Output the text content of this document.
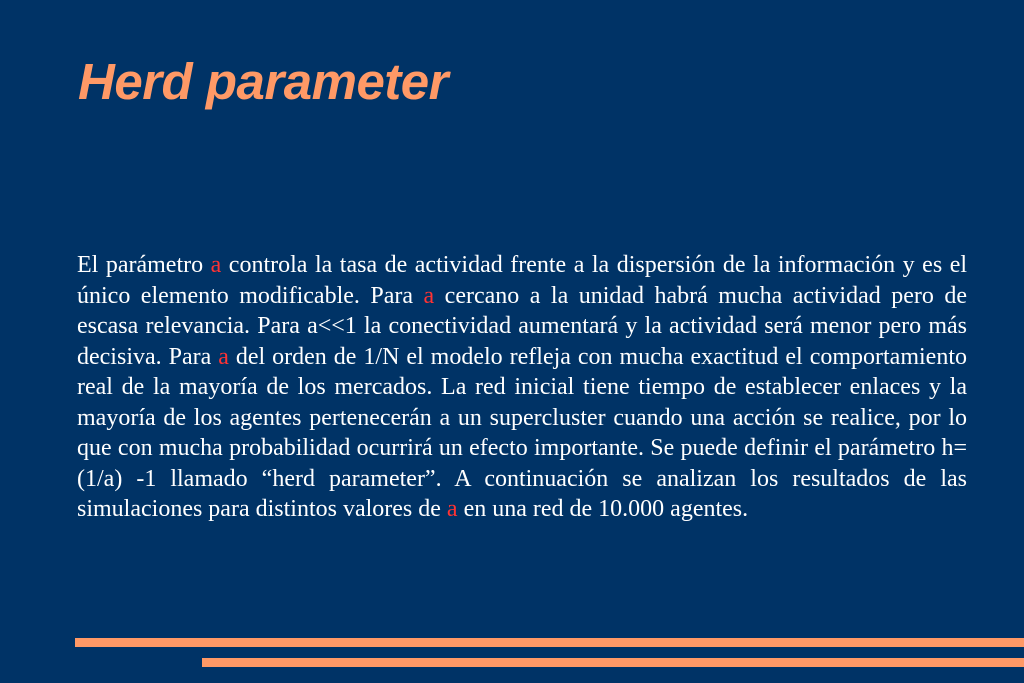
Herd parameter

El parámetro a controla la tasa de actividad frente a la dispersión de la información y es el único elemento modificable. Para a cercano a la unidad habrá mucha actividad pero de escasa relevancia. Para a<<1 la conectividad aumentará y la actividad será menor pero más decisiva. Para a del orden de 1/N el modelo refleja con mucha exactitud el comportamiento real de la mayoría de los mercados. La red inicial tiene tiempo de establecer enlaces y la mayoría de los agentes pertenecerán a un supercluster cuando una acción se realice, por lo que con mucha probabilidad ocurrirá un efecto importante. Se puede definir el parámetro h=(1/a) -1 llamado “herd parameter”. A continuación se analizan los resultados de las simulaciones para distintos valores de a en una red de 10.000 agentes.
